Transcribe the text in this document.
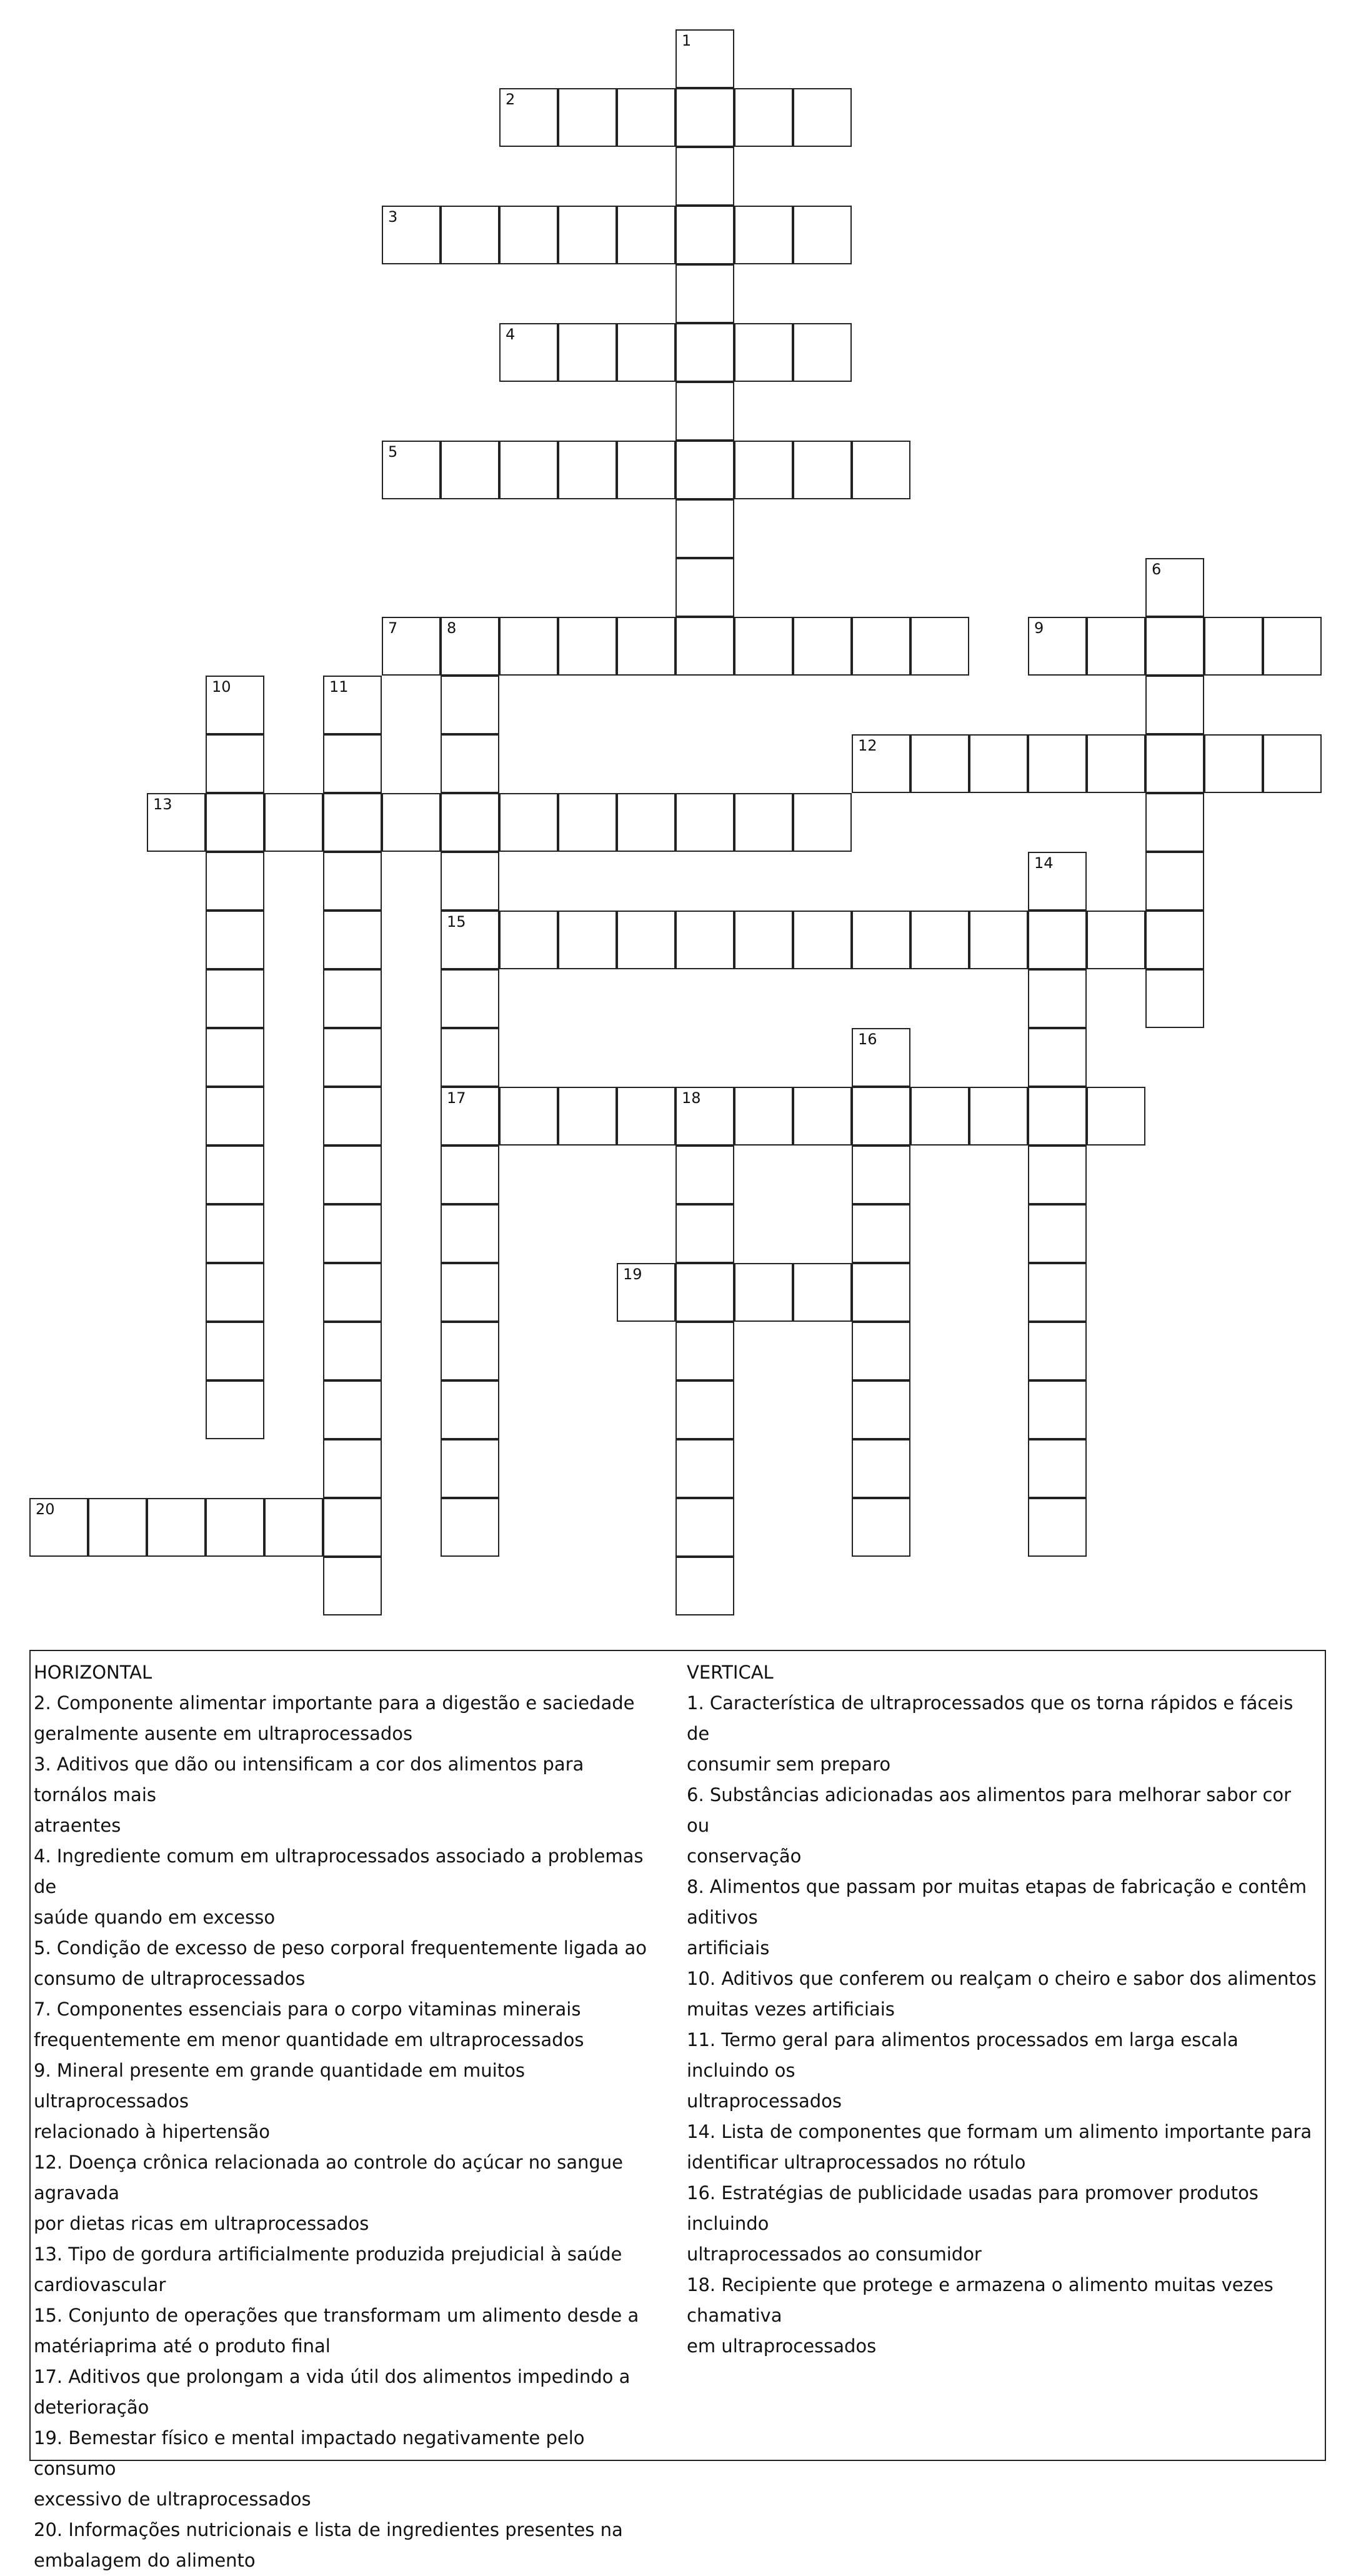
1
2
3
4
5
6
7	8
15
17
9
10	11
12
13
14
16
18
19
20
HORIZONTAL
2. Componente alimentar importante para a digestão e saciedade
geralmente ausente em ultraprocessados
3. Aditivos que dão ou intensificam a cor dos alimentos para tornálos mais
atraentes
4. Ingrediente comum em ultraprocessados associado a problemas de
saúde quando em excesso
5. Condição de excesso de peso corporal frequentemente ligada ao
consumo de ultraprocessados
7. Componentes essenciais para o corpo vitaminas minerais
frequentemente em menor quantidade em ultraprocessados
9. Mineral presente em grande quantidade em muitos ultraprocessados
relacionado à hipertensão
12. Doença crônica relacionada ao controle do açúcar no sangue agravada
por dietas ricas em ultraprocessados
13. Tipo de gordura artificialmente produzida prejudicial à saúde
cardiovascular
15. Conjunto de operações que transformam um alimento desde a
matériaprima até o produto final
17. Aditivos que prolongam a vida útil dos alimentos impedindo a
deterioração
19. Bemestar físico e mental impactado negativamente pelo consumo
excessivo de ultraprocessados
20. Informações nutricionais e lista de ingredientes presentes na
embalagem do alimento
VERTICAL
1. Característica de ultraprocessados que os torna rápidos e fáceis de
consumir sem preparo
6. Substâncias adicionadas aos alimentos para melhorar sabor cor ou
conservação
8. Alimentos que passam por muitas etapas de fabricação e contêm aditivos
artificiais
10. Aditivos que conferem ou realçam o cheiro e sabor dos alimentos
muitas vezes artificiais
11. Termo geral para alimentos processados em larga escala incluindo os
ultraprocessados
14. Lista de componentes que formam um alimento importante para
identificar ultraprocessados no rótulo
16. Estratégias de publicidade usadas para promover produtos incluindo
ultraprocessados ao consumidor
18. Recipiente que protege e armazena o alimento muitas vezes chamativa
em ultraprocessados
